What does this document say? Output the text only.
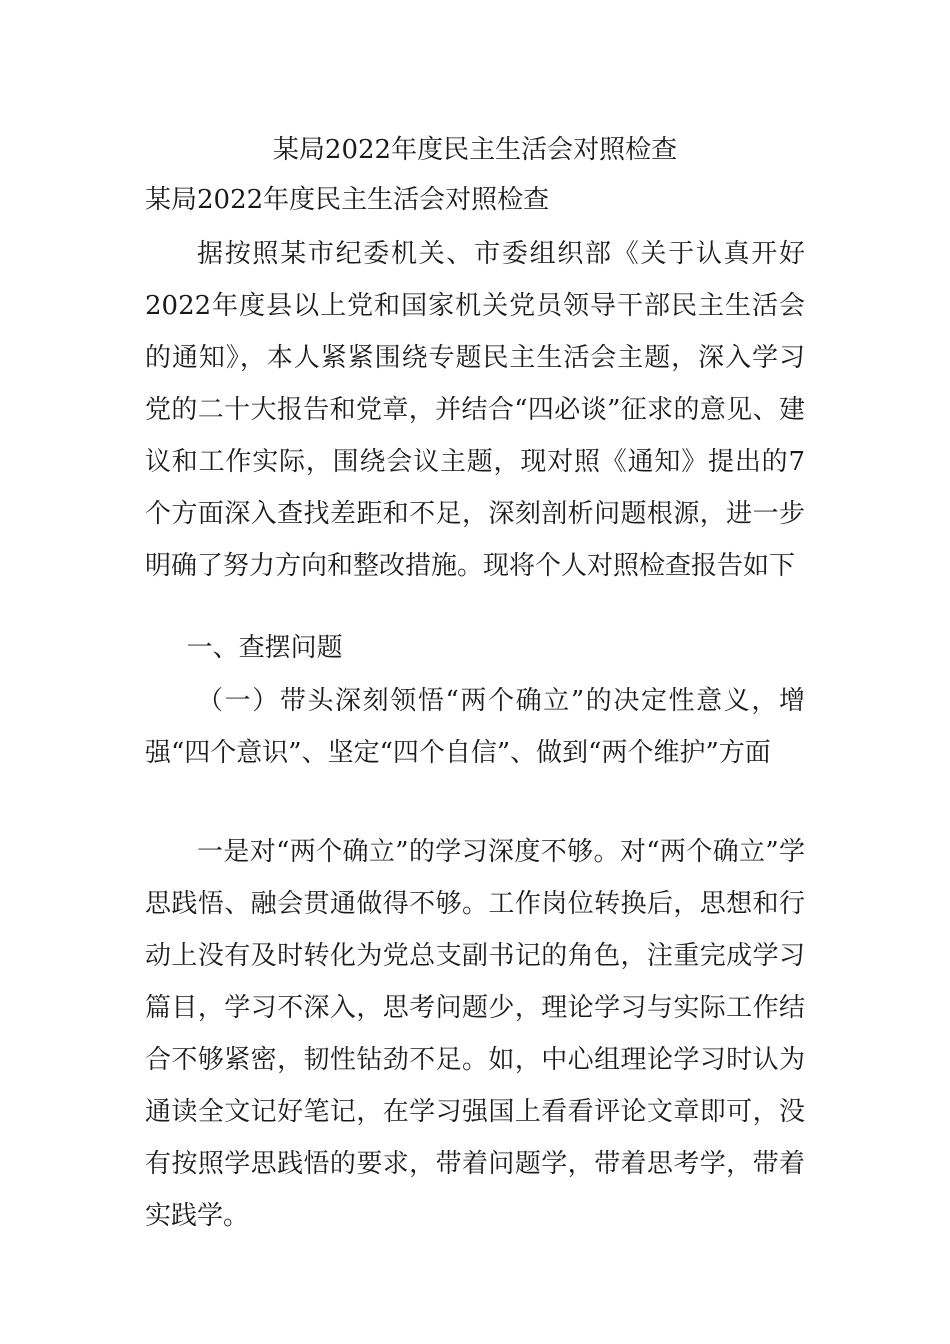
某局2022年度民主生活会对照检查
某局2022年度民主生活会对照检查

据按照某市纪委机关、市委组织部《关于认真开好2022年度县以上党和国家机关党员领导干部民主生活会的通知》，本人紧紧围绕专题民主生活会主题，深入学习党的二十大报告和党章，并结合“四必谈”征求的意见、建议和工作实际，围绕会议主题，现对照《通知》提出的7个方面深入查找差距和不足，深刻剖析问题根源，进一步明确了努力方向和整改措施。现将个人对照检查报告如下

一、查摆问题

（一）带头深刻领悟“两个确立”的决定性意义，增强“四个意识”、坚定“四个自信”、做到“两个维护”方面

一是对“两个确立”的学习深度不够。对“两个确立”学思践悟、融会贯通做得不够。工作岗位转换后，思想和行动上没有及时转化为党总支副书记的角色，注重完成学习篇目，学习不深入，思考问题少，理论学习与实际工作结合不够紧密，韧性钻劲不足。如，中心组理论学习时认为通读全文记好笔记，在学习强国上看看评论文章即可，没有按照学思践悟的要求，带着问题学，带着思考学，带着实践学。
